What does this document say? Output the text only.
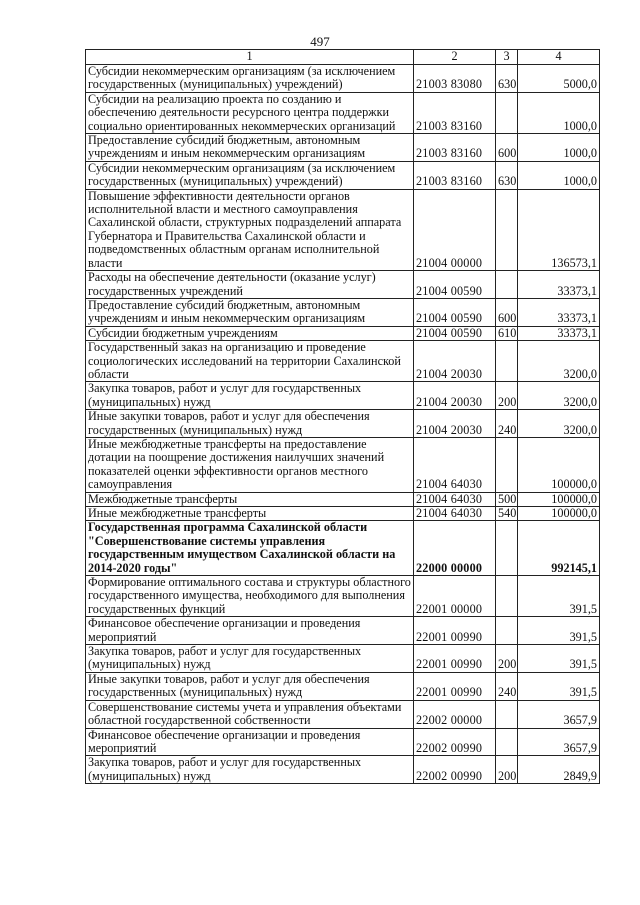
497
1	2	3	4
Субсидии некоммерческим организациям (за исключением государственных (муниципальных) учреждений)	21003 83080	630	5000,0
Субсидии на реализацию проекта по созданию и обеспечению деятельности ресурсного центра поддержки социально ориентированных некоммерческих организаций	21003 83160		1000,0
Предоставление субсидий бюджетным, автономным учреждениям и иным некоммерческим организациям	21003 83160	600	1000,0
Субсидии некоммерческим организациям (за исключением государственных (муниципальных) учреждений)	21003 83160	630	1000,0
Повышение эффективности деятельности органов исполнительной власти и местного самоуправления Сахалинской области, структурных подразделений аппарата Губернатора и Правительства Сахалинской области и подведомственных областным органам исполнительной власти	21004 00000		136573,1
Расходы на обеспечение деятельности (оказание услуг) государственных учреждений	21004 00590		33373,1
Предоставление субсидий бюджетным, автономным учреждениям и иным некоммерческим организациям	21004 00590	600	33373,1
Субсидии бюджетным учреждениям	21004 00590	610	33373,1
Государственный заказ на организацию и проведение социологических исследований на территории Сахалинской области	21004 20030		3200,0
Закупка товаров, работ и услуг для государственных (муниципальных) нужд	21004 20030	200	3200,0
Иные закупки товаров, работ и услуг для обеспечения государственных (муниципальных) нужд	21004 20030	240	3200,0
Иные межбюджетные трансферты на предоставление дотации на поощрение достижения наилучших значений показателей оценки эффективности органов местного самоуправления	21004 64030		100000,0
Межбюджетные трансферты	21004 64030	500	100000,0
Иные межбюджетные трансферты	21004 64030	540	100000,0
Государственная программа Сахалинской области "Совершенствование системы управления государственным имуществом Сахалинской области на 2014-2020 годы"	22000 00000		992145,1
Формирование оптимального состава и структуры областного государственного имущества, необходимого для выполнения государственных функций	22001 00000		391,5
Финансовое обеспечение организации и проведения мероприятий	22001 00990		391,5
Закупка товаров, работ и услуг для государственных (муниципальных) нужд	22001 00990	200	391,5
Иные закупки товаров, работ и услуг для обеспечения государственных (муниципальных) нужд	22001 00990	240	391,5
Совершенствование системы учета и управления объектами областной государственной собственности	22002 00000		3657,9
Финансовое обеспечение организации и проведения мероприятий	22002 00990		3657,9
Закупка товаров, работ и услуг для государственных (муниципальных) нужд	22002 00990	200	2849,9
